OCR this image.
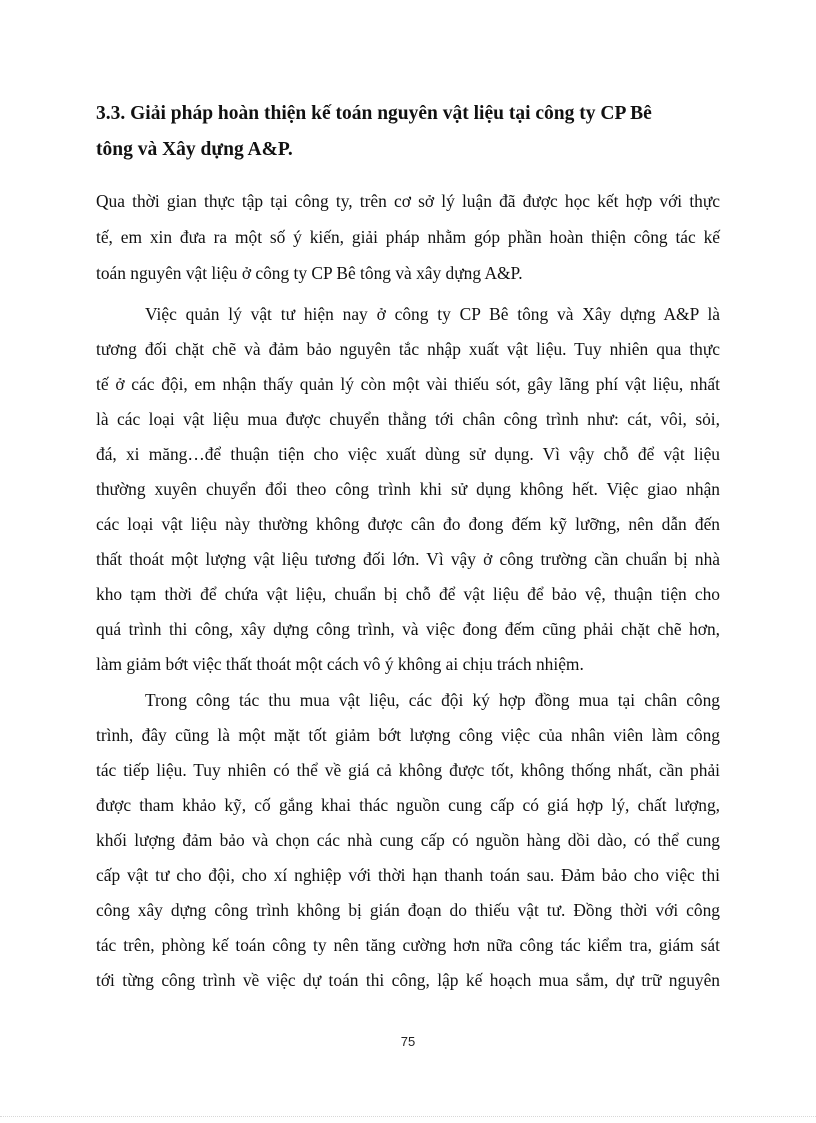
3.3. Giải pháp hoàn thiện kế toán nguyên vật liệu tại công ty CP Bê
tông và Xây dựng A&P.
Qua thời gian thực tập tại công ty, trên cơ sở lý luận đã được học kết hợp với thực
tế, em xin đưa ra một số ý kiến, giải pháp nhằm góp phần hoàn thiện công tác kế
toán nguyên vật liệu ở công ty CP Bê tông và xây dựng A&P.
Việc quản lý vật tư hiện nay ở công ty CP Bê tông và Xây dựng A&P là
tương đối chặt chẽ và đảm bảo nguyên tắc nhập xuất vật liệu. Tuy nhiên qua thực
tế ở các đội, em nhận thấy quản lý còn một vài thiếu sót, gây lãng phí vật liệu, nhất
là các loại vật liệu mua được chuyển thẳng tới chân công trình như: cát, vôi, sỏi,
đá, xi măng…để thuận tiện cho việc xuất dùng sử dụng. Vì vậy chỗ để vật liệu
thường xuyên chuyển đổi theo công trình khi sử dụng không hết. Việc giao nhận
các loại vật liệu này thường không được cân đo đong đếm kỹ lưỡng, nên dẫn đến
thất thoát một lượng vật liệu tương đối lớn. Vì vậy ở công trường cần chuẩn bị nhà
kho tạm thời để chứa vật liệu, chuẩn bị chỗ để vật liệu để bảo vệ, thuận tiện cho
quá trình thi công, xây dựng công trình, và việc đong đếm cũng phải chặt chẽ hơn,
làm giảm bớt việc thất thoát một cách vô ý không ai chịu trách nhiệm.
Trong công tác thu mua vật liệu, các đội ký hợp đồng mua tại chân công
trình, đây cũng là một mặt tốt giảm bớt lượng công việc của nhân viên làm công
tác tiếp liệu. Tuy nhiên có thể về giá cả không được tốt, không thống nhất, cần phải
được tham khảo kỹ, cố gắng khai thác nguồn cung cấp có giá hợp lý, chất lượng,
khối lượng đảm bảo và chọn các nhà cung cấp có nguồn hàng dồi dào, có thể cung
cấp vật tư cho đội, cho xí nghiệp với thời hạn thanh toán sau. Đảm bảo cho việc thi
công xây dựng công trình không bị gián đoạn do thiếu vật tư. Đồng thời với công
tác trên, phòng kế toán công ty nên tăng cường hơn nữa công tác kiểm tra, giám sát
tới từng công trình về việc dự toán thi công, lập kế hoạch mua sắm, dự trữ nguyên
75
